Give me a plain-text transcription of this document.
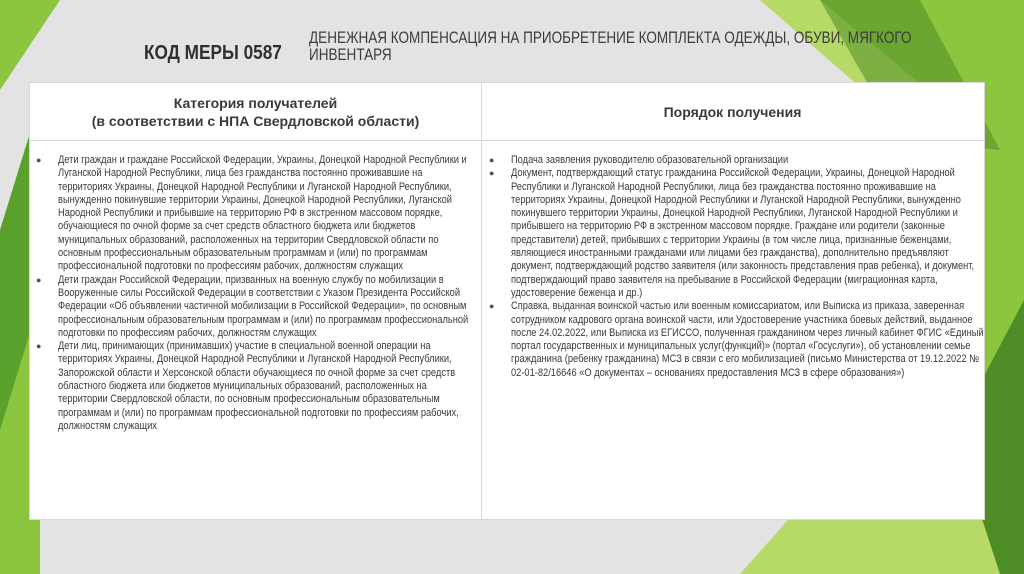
КОД МЕРЫ 0587
ДЕНЕЖНАЯ КОМПЕНСАЦИЯ НА ПРИОБРЕТЕНИЕ КОМПЛЕКТА ОДЕЖДЫ, ОБУВИ, МЯГКОГО ИНВЕНТАРЯ
Категория получателей
(в соответствии с НПА Свердловской области)
Порядок получения
● Дети граждан и граждане Российской Федерации, Украины, Донецкой Народной Республики и Луганской Народной Республики, лица без гражданства постоянно проживавшие на территориях Украины, Донецкой Народной Республики и Луганской Народной Республики, вынужденно покинувшие территории Украины, Донецкой Народной Республики, Луганской Народной Республики и прибывшие на территорию РФ в экстренном массовом порядке, обучающиеся по очной форме за счет средств областного бюджета или бюджетов муниципальных образований, расположенных на территории Свердловской области по основным профессиональным образовательным программам и (или) по программам профессиональной подготовки по профессиям рабочих, должностям служащих
● Дети граждан Российской Федерации, призванных на военную службу по мобилизации в Вооруженные силы Российской Федерации в соответствии с Указом Президента Российской Федерации «Об объявлении частичной мобилизации в Российской Федерации», по основным профессиональным образовательным программам и (или) по программам профессиональной подготовки по профессиям рабочих, должностям служащих
● Дети лиц, принимающих (принимавших) участие в специальной военной операции на территориях Украины, Донецкой Народной Республики и Луганской Народной Республики, Запорожской области и Херсонской области обучающиеся по очной форме за счет средств областного бюджета или бюджетов муниципальных образований, расположенных на территории Свердловской области, по основным профессиональным образовательным программам и (или) по программам профессиональной подготовки по профессиям рабочих, должностям служащих
● Подача заявления руководителю образовательной организации
● Документ, подтверждающий статус гражданина Российской Федерации, Украины, Донецкой Народной Республики и Луганской Народной Республики, лица без гражданства постоянно проживавшие на территориях Украины, Донецкой Народной Республики и Луганской Народной Республики, вынужденно покинувшего территории Украины, Донецкой Народной Республики, Луганской Народной Республики и прибывшего на территорию РФ в экстренном массовом порядке. Граждане или родители (законные представители) детей, прибывших с территории Украины (в том числе лица, признанные беженцами, являющиеся иностранными гражданами или лицами без гражданства), дополнительно предъявляют документ, подтверждающий родство заявителя (или законность представления прав ребенка), и документ, подтверждающий право заявителя на пребывание в Российской Федерации (миграционная карта, удостоверение беженца и др.)
● Справка, выданная воинской частью или военным комиссариатом, или Выписка из приказа, заверенная сотрудником кадрового органа воинской части, или Удостоверение участника боевых действий, выданное после 24.02.2022, или Выписка из ЕГИССО, полученная гражданином через личный кабинет ФГИС «Единый портал государственных и муниципальных услуг(функций)» (портал «Госуслуги»), об установлении семье гражданина (ребенку гражданина) МСЗ в связи с его мобилизацией (письмо Министерства от 19.12.2022 № 02-01-82/16646 «О документах – основаниях предоставления МСЗ в сфере образования»)
